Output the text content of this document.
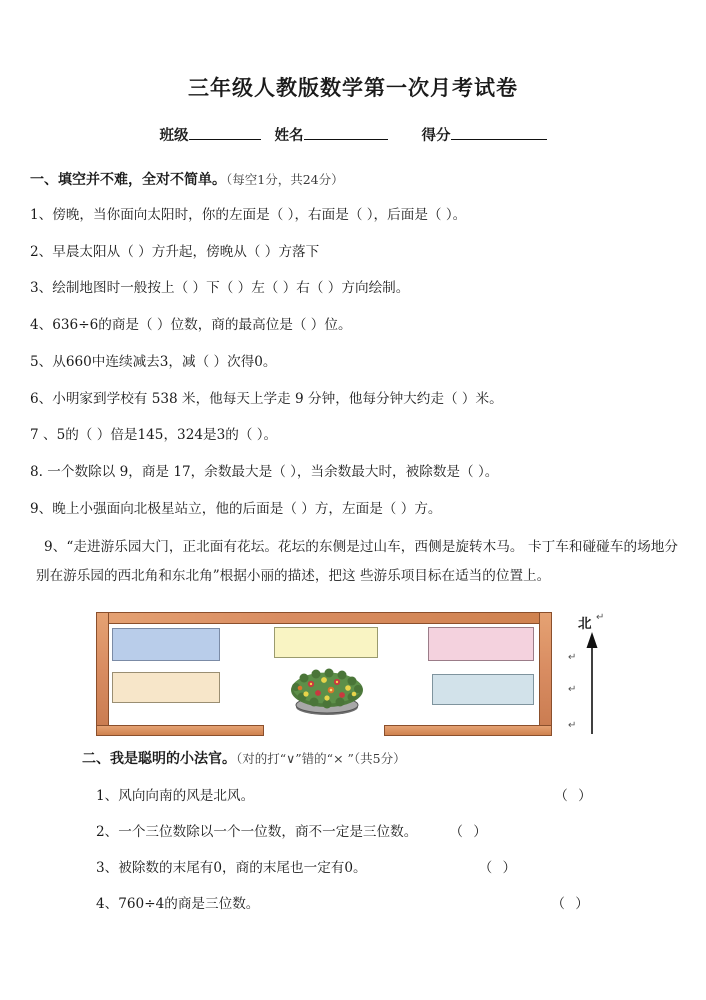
三年级人教版数学第一次月考试卷
班级	姓名	得分
一、填空并不难，全对不简单。（每空1分，共24分）
1、傍晚，当你面向太阳时，你的左面是（ ），右面是（ ），后面是（ ）。
2、早晨太阳从（ ）方升起，傍晚从（ ）方落下
3、绘制地图时一般按上（ ）下（ ）左（ ）右（ ）方向绘制。
4、636÷6的商是（ ）位数，商的最高位是（ ）位。
5、从660中连续减去3，减（ ）次得0。
6、小明家到学校有 538 米，他每天上学走 9 分钟，他每分钟大约走（ ）米。
7 、5的（ ）倍是145，324是3的（ ）。
8. 一个数除以 9，商是 17，余数最大是（ ），当余数最大时，被除数是（ ）。
9、晚上小强面向北极星站立，他的后面是（ ）方，左面是（ ）方。
9、“走进游乐园大门，正北面有花坛。花坛的东侧是过山车，西侧是旋转木马。 卡丁车和碰碰车的场地分别在游乐园的西北角和东北角”根据小丽的描述，把这 些游乐项目标在适当的位置上。
北 ↵
↵
↵
↵
二、我是聪明的小法官。（对的打“∨”错的“× ”（共5分）
1、风向向南的风是北风。	（ ）
2、一个三位数除以一个一位数，商不一定是三位数。 （ ）
3、被除数的末尾有0，商的末尾也一定有0。	（ ）
4、760÷4的商是三位数。	（ ）
